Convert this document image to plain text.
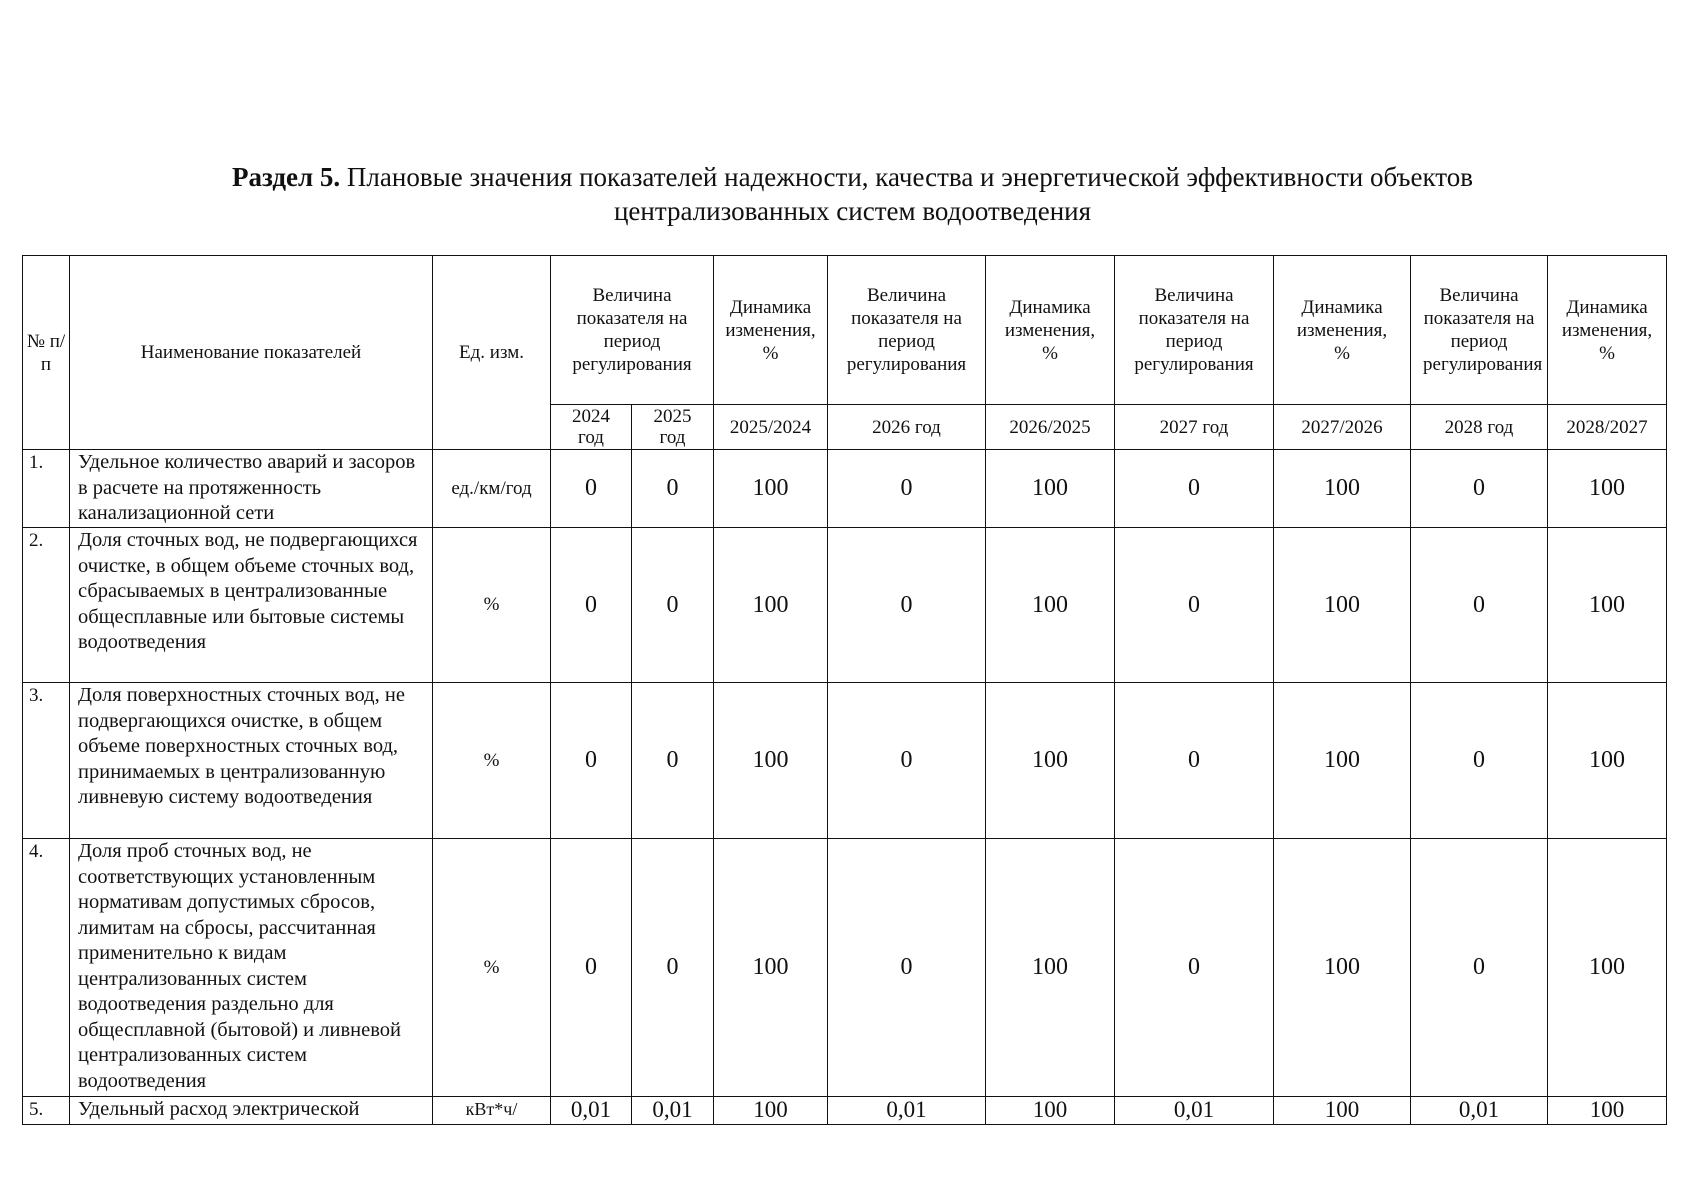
Раздел 5. Плановые значения показателей надежности, качества и энергетической эффективности объектов
централизованных систем водоотведения
№ п/п	Наименование показателей	Ед. изм.	Величина показателя на период регулирования		Динамика изменения, %	Величина показателя на период регулирования	Динамика изменения, %	Величина показателя на период регулирования	Динамика изменения, %	Величина показателя на период регулирования	Динамика изменения, %
			2024 год	2025 год	2025/2024	2026 год	2026/2025	2027 год	2027/2026	2028 год	2028/2027
1.	Удельное количество аварий и засоров в расчете на протяженность канализационной сети	ед./км/год	0	0	100	0	100	0	100	0	100
2.	Доля сточных вод, не подвергающихся очистке, в общем объеме сточных вод, сбрасываемых в централизованные общесплавные или бытовые системы водоотведения	%	0	0	100	0	100	0	100	0	100
3.	Доля поверхностных сточных вод, не подвергающихся очистке, в общем объеме поверхностных сточных вод, принимаемых в централизованную ливневую систему водоотведения	%	0	0	100	0	100	0	100	0	100
4.	Доля проб сточных вод, не соответствующих установленным нормативам допустимых сбросов, лимитам на сбросы, рассчитанная применительно к видам централизованных систем водоотведения раздельно для общесплавной (бытовой) и ливневой централизованных систем водоотведения	%	0	0	100	0	100	0	100	0	100
5.	Удельный расход электрической	кВт*ч/	0,01	0,01	100	0,01	100	0,01	100	0,01	100
